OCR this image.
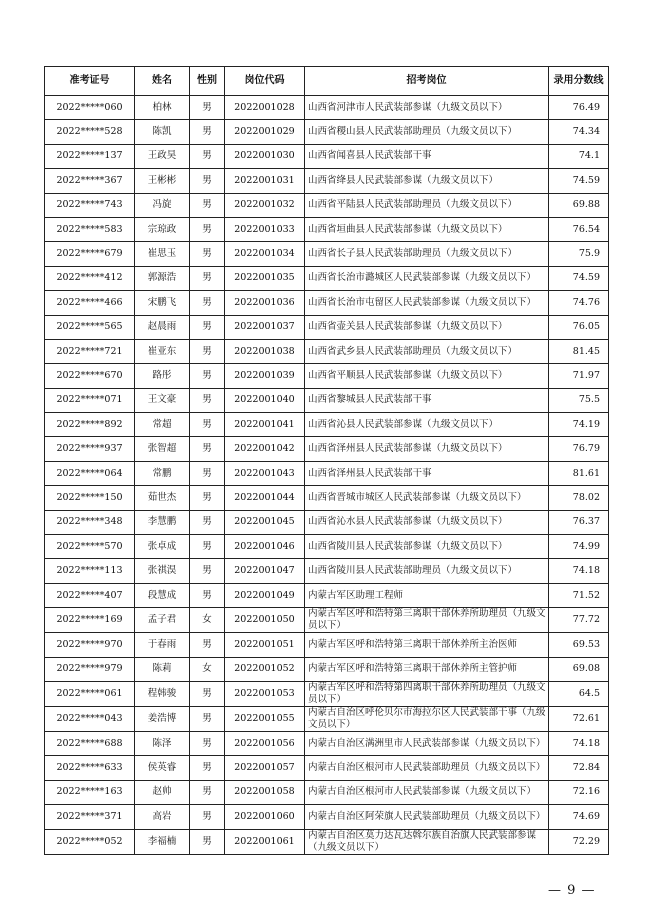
准考证号	姓名	性别	岗位代码	招考岗位	录用分数线
2022*****060	柏林	男	2022001028	山西省河津市人民武装部参谋（九级文员以下）	76.49
2022*****528	陈凯	男	2022001029	山西省稷山县人民武装部助理员（九级文员以下）	74.34
2022*****137	王政昊	男	2022001030	山西省闻喜县人民武装部干事	74.1
2022*****367	王彬彬	男	2022001031	山西省绛县人民武装部参谋（九级文员以下）	74.59
2022*****743	冯旋	男	2022001032	山西省平陆县人民武装部助理员（九级文员以下）	69.88
2022*****583	宗琼政	男	2022001033	山西省垣曲县人民武装部参谋（九级文员以下）	76.54
2022*****679	崔思玉	男	2022001034	山西省长子县人民武装部助理员（九级文员以下）	75.9
2022*****412	郭源浩	男	2022001035	山西省长治市潞城区人民武装部参谋（九级文员以下）	74.59
2022*****466	宋鹏飞	男	2022001036	山西省长治市屯留区人民武装部参谋（九级文员以下）	74.76
2022*****565	赵晨雨	男	2022001037	山西省壶关县人民武装部参谋（九级文员以下）	76.05
2022*****721	崔亚东	男	2022001038	山西省武乡县人民武装部助理员（九级文员以下）	81.45
2022*****670	路彤	男	2022001039	山西省平顺县人民武装部参谋（九级文员以下）	71.97
2022*****071	王文豪	男	2022001040	山西省黎城县人民武装部干事	75.5
2022*****892	常超	男	2022001041	山西省沁县人民武装部参谋（九级文员以下）	74.19
2022*****937	张智超	男	2022001042	山西省泽州县人民武装部参谋（九级文员以下）	76.79
2022*****064	常鹏	男	2022001043	山西省泽州县人民武装部干事	81.61
2022*****150	茹世杰	男	2022001044	山西省晋城市城区人民武装部参谋（九级文员以下）	78.02
2022*****348	李慧鹏	男	2022001045	山西省沁水县人民武装部参谋（九级文员以下）	76.37
2022*****570	张卓成	男	2022001046	山西省陵川县人民武装部参谋（九级文员以下）	74.99
2022*****113	张祺淏	男	2022001047	山西省陵川县人民武装部助理员（九级文员以下）	74.18
2022*****407	段慧成	男	2022001049	内蒙古军区助理工程师	71.52
2022*****169	孟子君	女	2022001050	内蒙古军区呼和浩特第三离职干部休养所助理员（九级文员以下）	77.72
2022*****970	于春雨	男	2022001051	内蒙古军区呼和浩特第三离职干部休养所主治医师	69.53
2022*****979	陈莉	女	2022001052	内蒙古军区呼和浩特第三离职干部休养所主管护师	69.08
2022*****061	程韩骏	男	2022001053	内蒙古军区呼和浩特第四离职干部休养所助理员（九级文员以下）	64.5
2022*****043	姜浩博	男	2022001055	内蒙古自治区呼伦贝尔市海拉尔区人民武装部干事（九级文员以下）	72.61
2022*****688	陈泽	男	2022001056	内蒙古自治区满洲里市人民武装部参谋（九级文员以下）	74.18
2022*****633	侯英睿	男	2022001057	内蒙古自治区根河市人民武装部助理员（九级文员以下）	72.84
2022*****163	赵帅	男	2022001058	内蒙古自治区根河市人民武装部参谋（九级文员以下）	72.16
2022*****371	高岩	男	2022001060	内蒙古自治区阿荣旗人民武装部助理员（九级文员以下）	74.69
2022*****052	李福楠	男	2022001061	内蒙古自治区莫力达瓦达斡尔族自治旗人民武装部参谋（九级文员以下）	72.29
— 9 —
